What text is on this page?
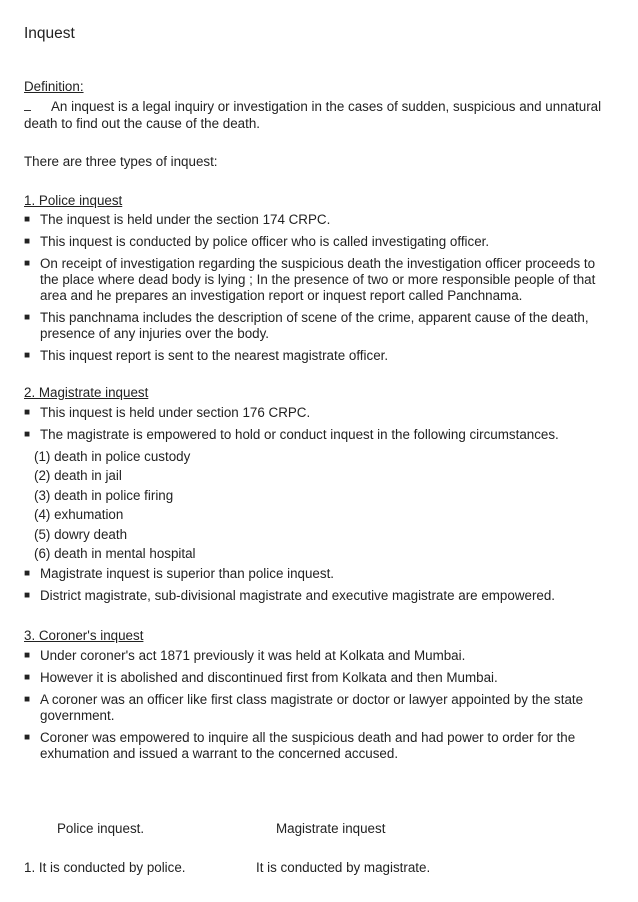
Inquest
Definition:
An inquest is a legal inquiry or investigation in the cases of sudden, suspicious and unnatural
death to find out the cause of the death.
There are three types of inquest:
1. Police inquest
■ The inquest is held under the section 174 CRPC.
■ This inquest is conducted by police officer who is called investigating officer.
■ On receipt of investigation regarding the suspicious death the investigation officer proceeds to the place where dead body is lying ; In the presence of two or more responsible people of that area and he prepares an investigation report or inquest report called Panchnama.
■ This panchnama includes the description of scene of the crime, apparent cause of the death, presence of any injuries over the body.
■ This inquest report is sent to the nearest magistrate officer.
2. Magistrate inquest
■ This inquest is held under section 176 CRPC.
■ The magistrate is empowered to hold or conduct inquest in the following circumstances.
(1) death in police custody
(2) death in jail
(3) death in police firing
(4) exhumation
(5) dowry death
(6) death in mental hospital
■ Magistrate inquest is superior than police inquest.
■ District magistrate, sub-divisional magistrate and executive magistrate are empowered.
3. Coroner's inquest
■ Under coroner's act 1871 previously it was held at Kolkata and Mumbai.
■ However it is abolished and discontinued first from Kolkata and then Mumbai.
■ A coroner was an officer like first class magistrate or doctor or lawyer appointed by the state government.
■ Coroner was empowered to inquire all the suspicious death and had power to order for the exhumation and issued a warrant to the concerned accused.
Police inquest.	Magistrate inquest
1. It is conducted by police.	It is conducted by magistrate.
